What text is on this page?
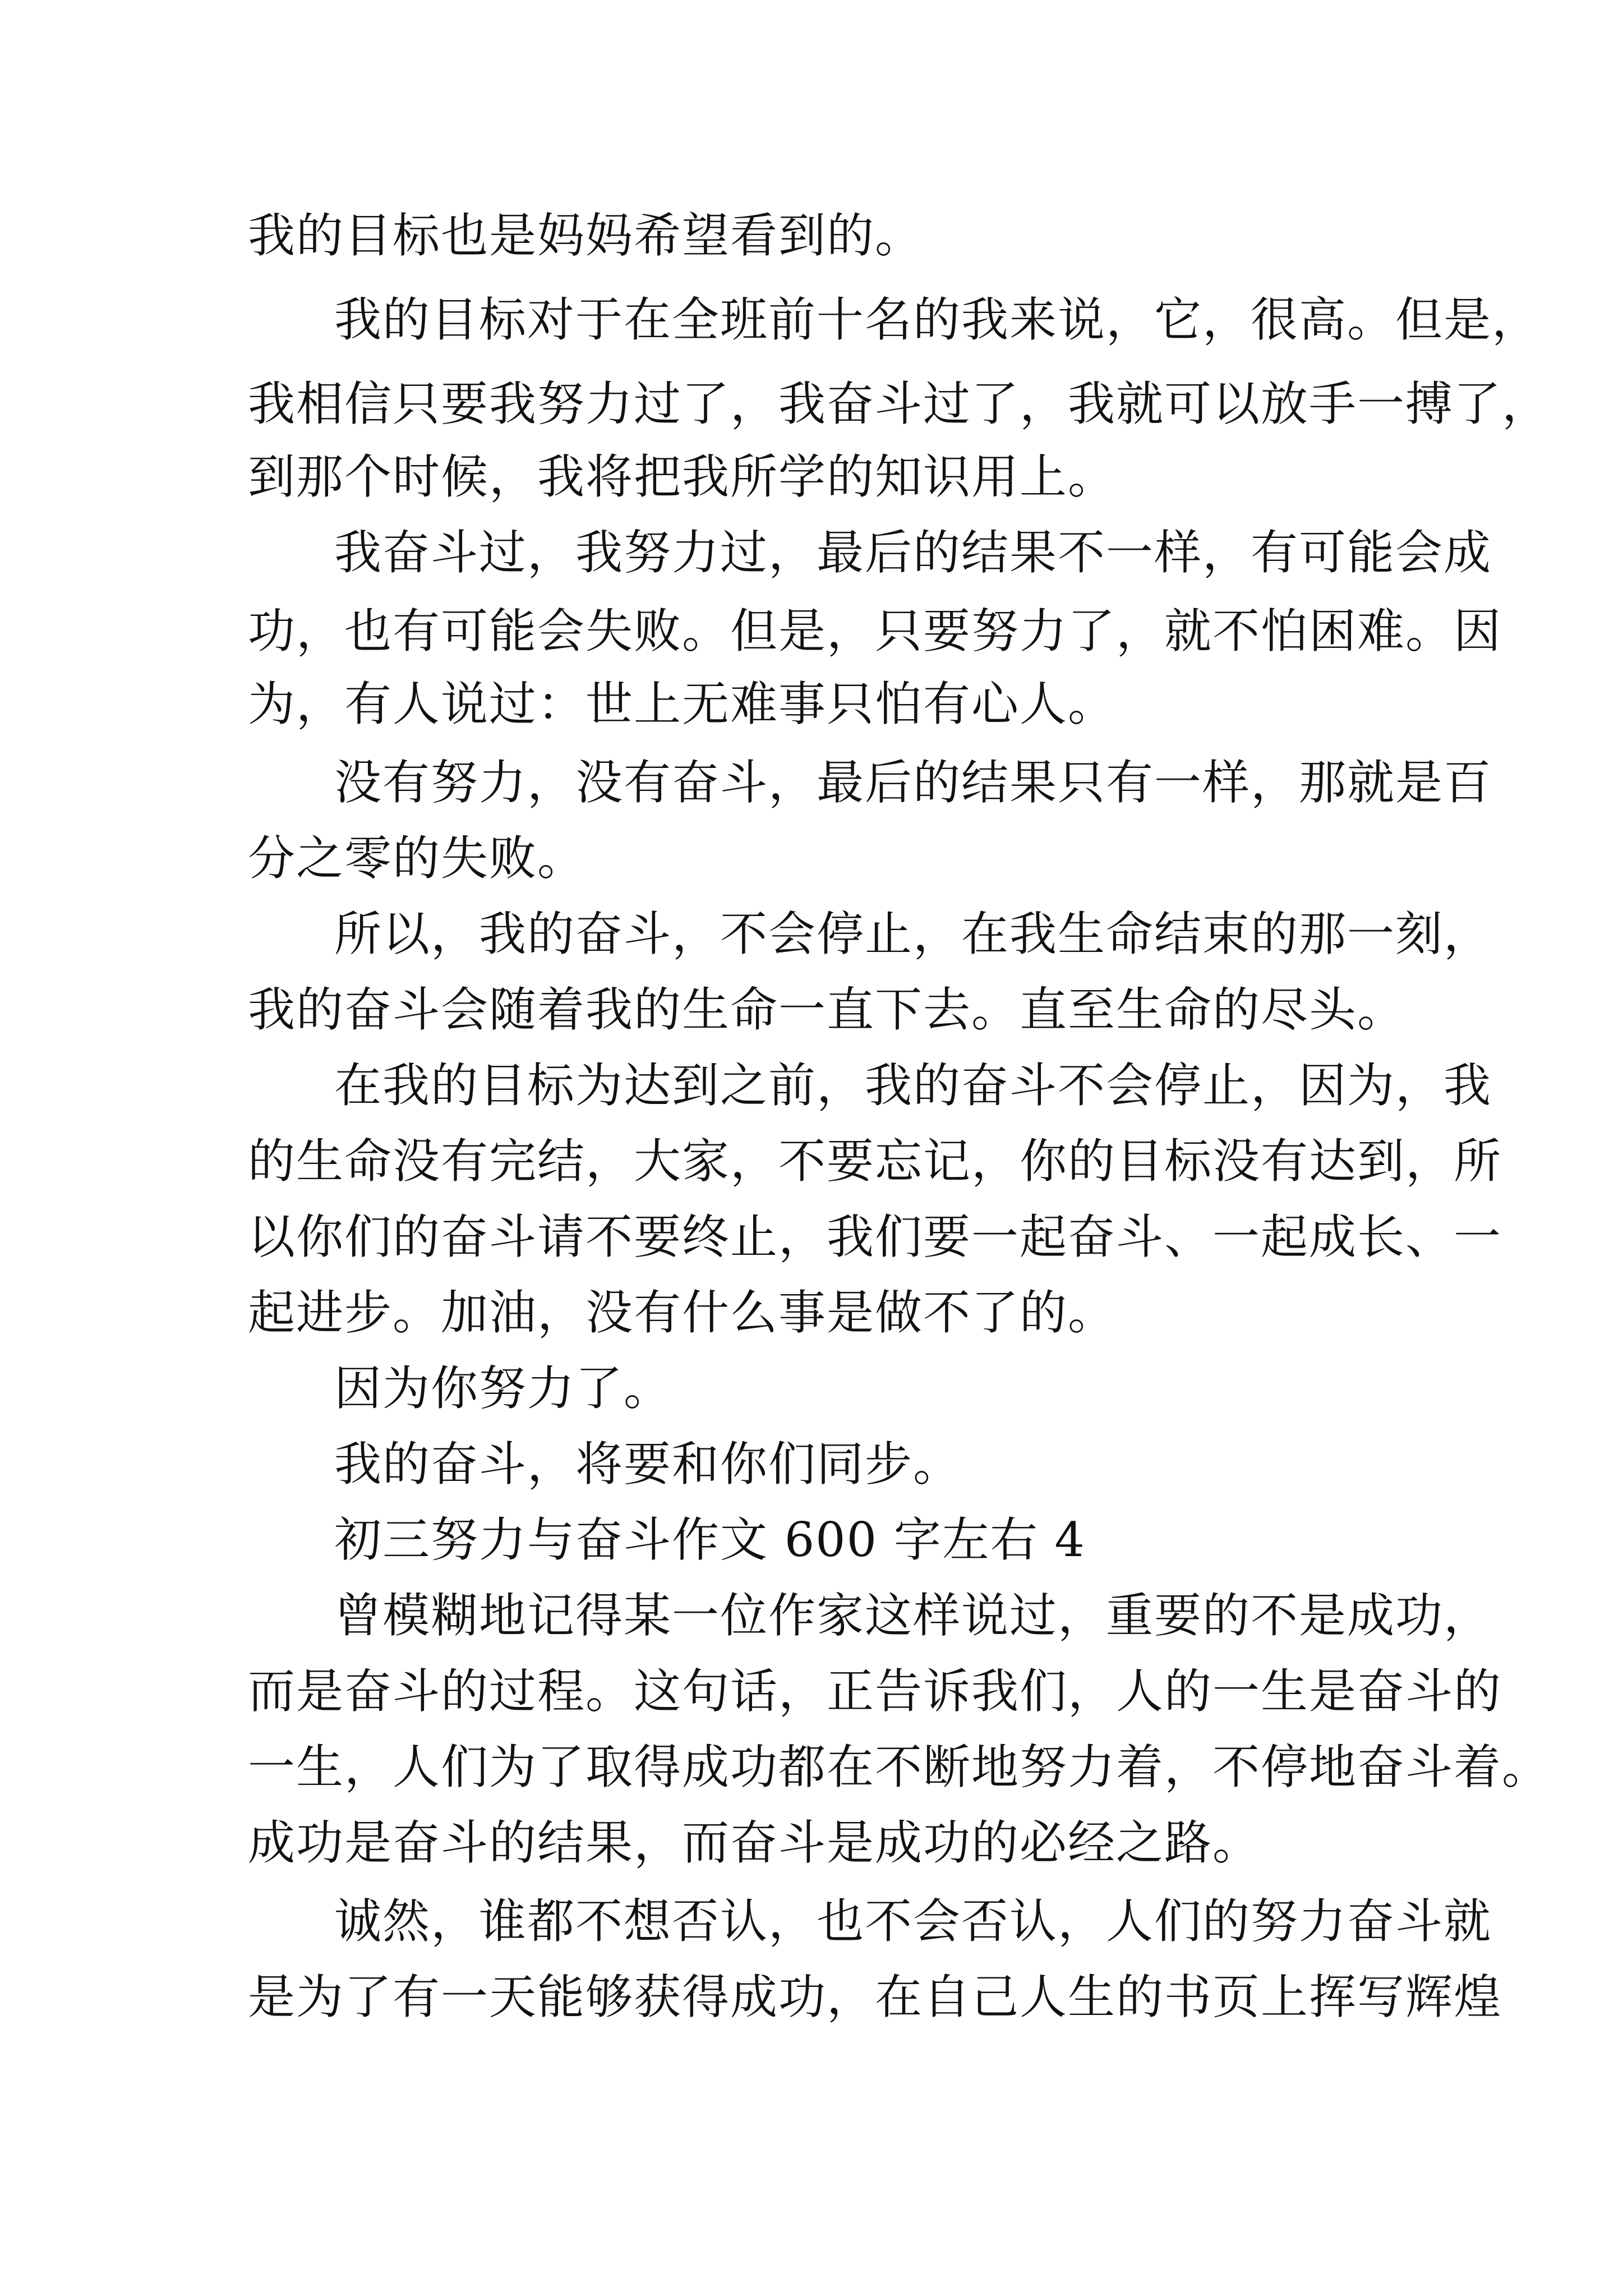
我的目标也是妈妈希望看到的。
我的目标对于在全班前十名的我来说，它，很高。但是，
我相信只要我努力过了，我奋斗过了，我就可以放手一搏了，
到那个时候，我将把我所学的知识用上。
我奋斗过，我努力过，最后的结果不一样，有可能会成
功，也有可能会失败。但是，只要努力了，就不怕困难。因
为，有人说过：世上无难事只怕有心人。
没有努力，没有奋斗，最后的结果只有一样，那就是百
分之零的失败。
所以，我的奋斗，不会停止，在我生命结束的那一刻，
我的奋斗会随着我的生命一直下去。直至生命的尽头。
在我的目标为达到之前，我的奋斗不会停止，因为，我
的生命没有完结，大家，不要忘记，你的目标没有达到，所
以你们的奋斗请不要终止，我们要一起奋斗、一起成长、一
起进步。加油，没有什么事是做不了的。
因为你努力了。
我的奋斗，将要和你们同步。
初三努力与奋斗作文 600 字左右 4
曾模糊地记得某一位作家这样说过，重要的不是成功，
而是奋斗的过程。这句话，正告诉我们，人的一生是奋斗的
一生，人们为了取得成功都在不断地努力着，不停地奋斗着。
成功是奋斗的结果，而奋斗是成功的必经之路。
诚然，谁都不想否认，也不会否认，人们的努力奋斗就
是为了有一天能够获得成功，在自己人生的书页上挥写辉煌
